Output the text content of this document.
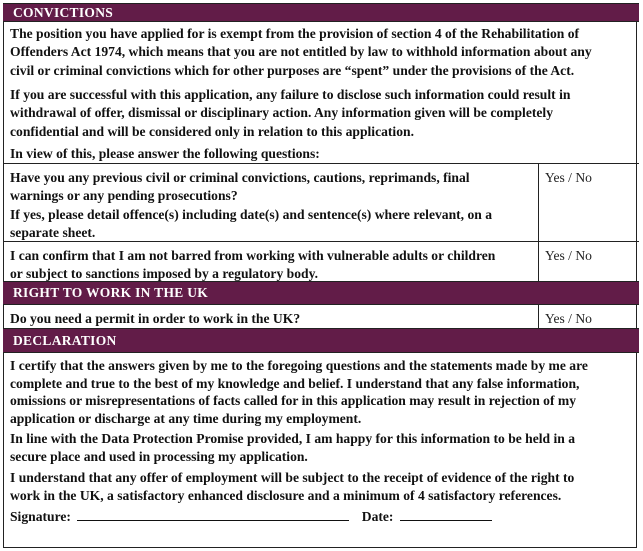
CONVICTIONS
The position you have applied for is exempt from the provision of section 4 of the Rehabilitation of
Offenders Act 1974, which means that you are not entitled by law to withhold information about any
civil or criminal convictions which for other purposes are “spent” under the provisions of the Act.
If you are successful with this application, any failure to disclose such information could result in
withdrawal of offer, dismissal or disciplinary action. Any information given will be completely
confidential and will be considered only in relation to this application.
In view of this, please answer the following questions:
Have you any previous civil or criminal convictions, cautions, reprimands, final
warnings or any pending prosecutions?
If yes, please detail offence(s) including date(s) and sentence(s) where relevant, on a
separate sheet.
Yes / No
I can confirm that I am not barred from working with vulnerable adults or children
or subject to sanctions imposed by a regulatory body.
Yes / No
RIGHT TO WORK IN THE UK
Do you need a permit in order to work in the UK?	Yes / No
DECLARATION
I certify that the answers given by me to the foregoing questions and the statements made by me are
complete and true to the best of my knowledge and belief. I understand that any false information,
omissions or misrepresentations of facts called for in this application may result in rejection of my
application or discharge at any time during my employment.
In line with the Data Protection Promise provided, I am happy for this information to be held in a
secure place and used in processing my application.
I understand that any offer of employment will be subject to the receipt of evidence of the right to
work in the UK, a satisfactory enhanced disclosure and a minimum of 4 satisfactory references.
Signature:	Date:
